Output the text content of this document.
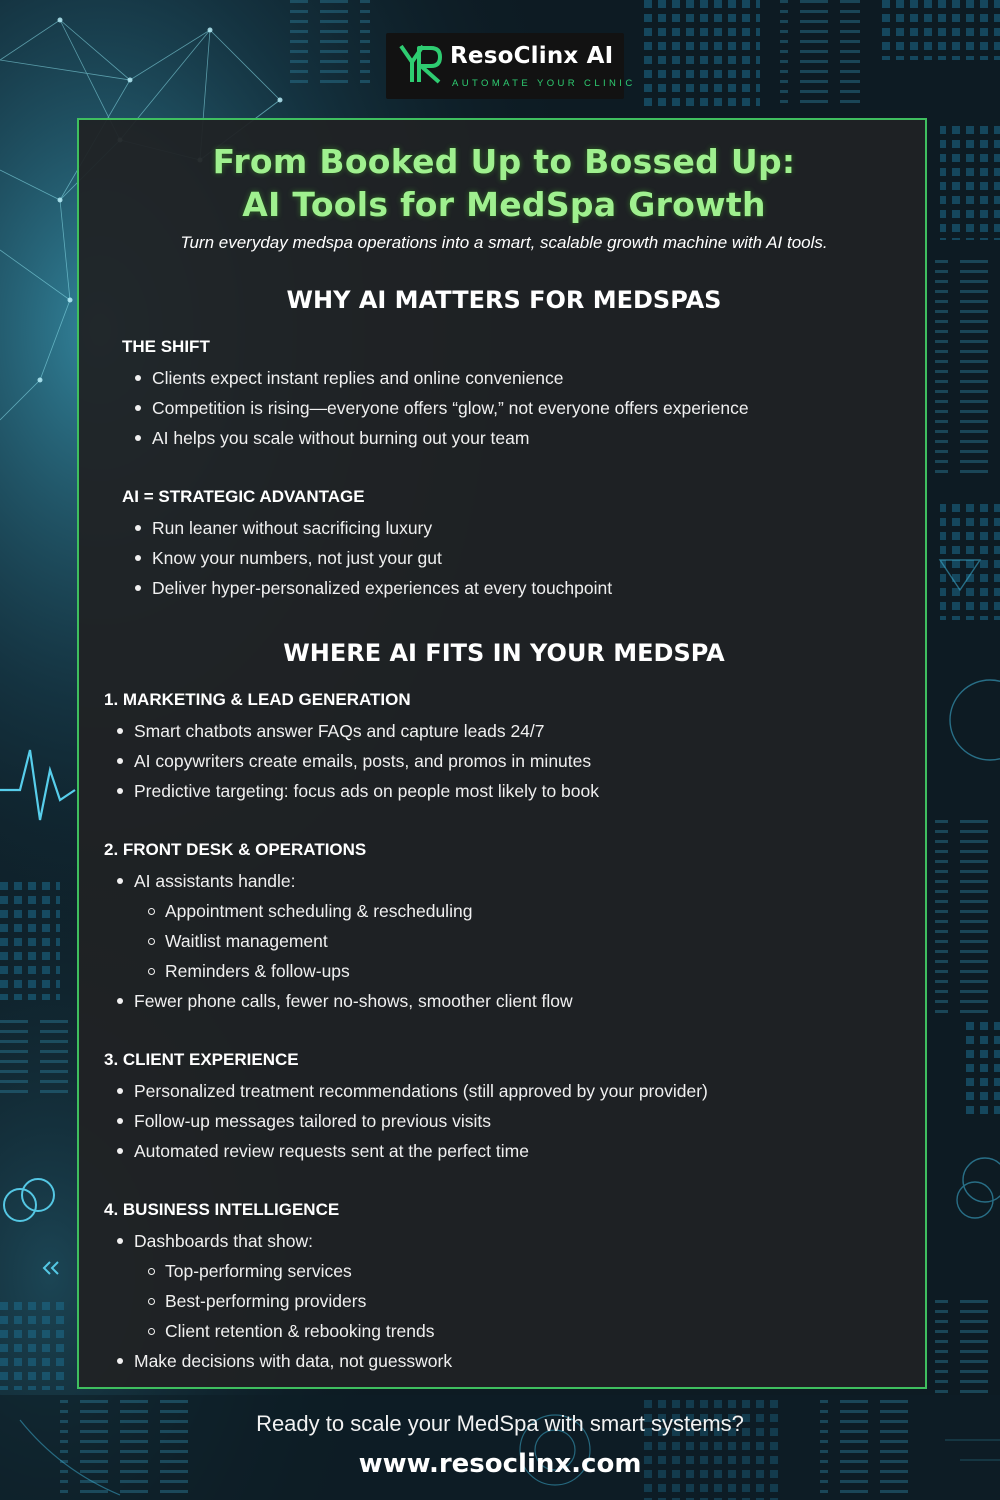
ResoClinx AI
AUTOMATE YOUR CLINIC
From Booked Up to Bossed Up:
AI Tools for MedSpa Growth
Turn everyday medspa operations into a smart, scalable growth machine with AI tools.
WHY AI MATTERS FOR MEDSPAS
THE SHIFT
Clients expect instant replies and online convenience
Competition is rising—everyone offers “glow,” not everyone offers experience
AI helps you scale without burning out your team
AI = STRATEGIC ADVANTAGE
Run leaner without sacrificing luxury
Know your numbers, not just your gut
Deliver hyper-personalized experiences at every touchpoint
WHERE AI FITS IN YOUR MEDSPA
1. MARKETING & LEAD GENERATION
Smart chatbots answer FAQs and capture leads 24/7
AI copywriters create emails, posts, and promos in minutes
Predictive targeting: focus ads on people most likely to book
2. FRONT DESK & OPERATIONS
AI assistants handle:
Appointment scheduling & rescheduling
Waitlist management
Reminders & follow-ups
Fewer phone calls, fewer no-shows, smoother client flow
3. CLIENT EXPERIENCE
Personalized treatment recommendations (still approved by your provider)
Follow-up messages tailored to previous visits
Automated review requests sent at the perfect time
4. BUSINESS INTELLIGENCE
Dashboards that show:
Top-performing services
Best-performing providers
Client retention & rebooking trends
Make decisions with data, not guesswork
Ready to scale your MedSpa with smart systems?
www.resoclinx.com
